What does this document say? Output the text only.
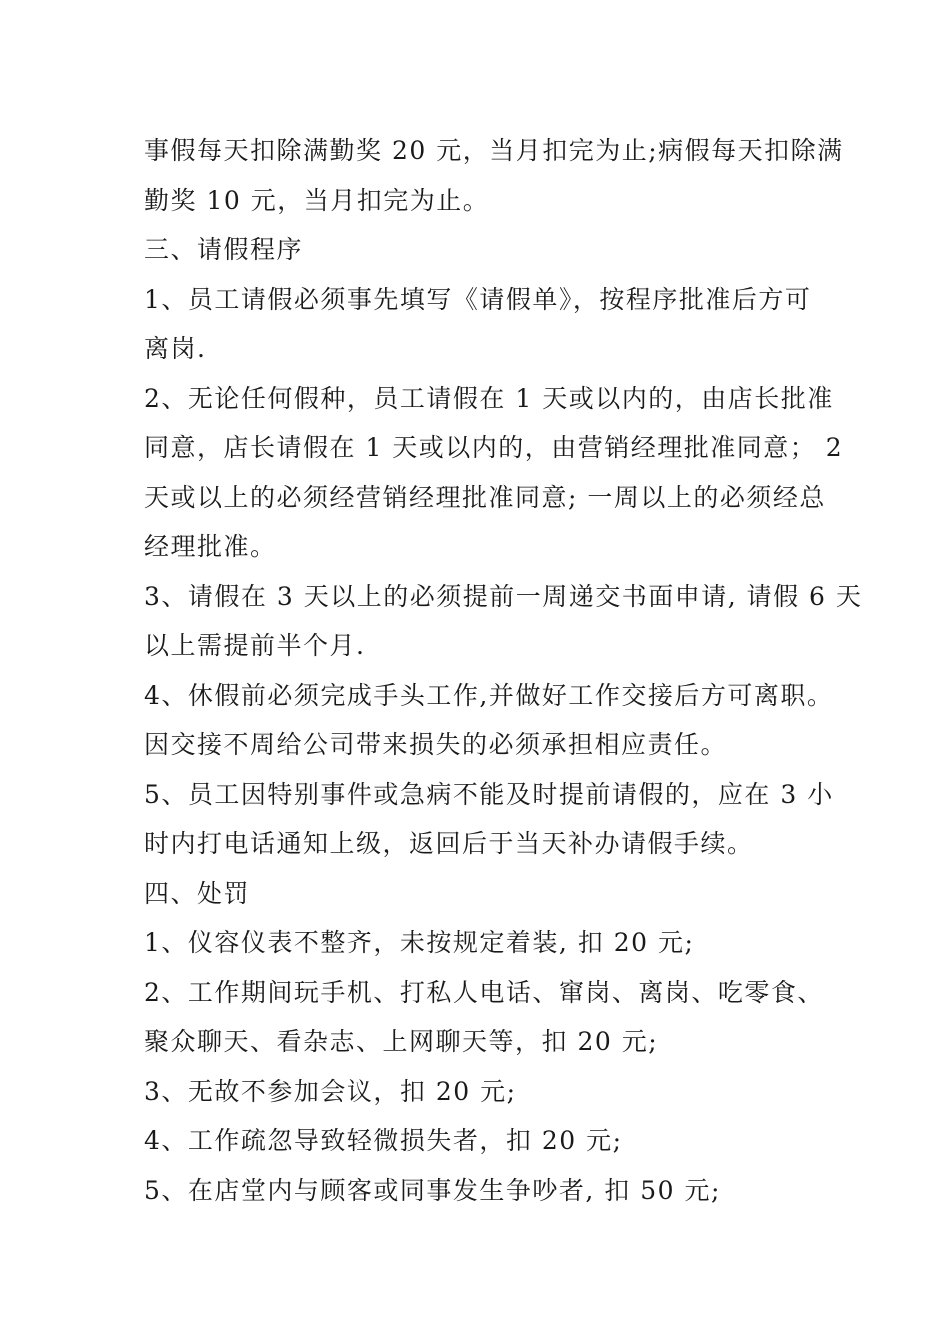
事假每天扣除满勤奖 20 元，当月扣完为止;病假每天扣除满
勤奖 10 元，当月扣完为止。
三、请假程序
1、员工请假必须事先填写《请假单》，按程序批准后方可
离岗.
2、无论任何假种，员工请假在 1 天或以内的，由店长批准
同意，店长请假在 1 天或以内的，由营销经理批准同意； 2
天或以上的必须经营销经理批准同意; 一周以上的必须经总
经理批准。
3、请假在 3 天以上的必须提前一周递交书面申请, 请假 6 天
以上需提前半个月.
4、休假前必须完成手头工作,并做好工作交接后方可离职。
因交接不周给公司带来损失的必须承担相应责任。
5、员工因特别事件或急病不能及时提前请假的，应在 3 小
时内打电话通知上级，返回后于当天补办请假手续。
四、处罚
1、仪容仪表不整齐，未按规定着装, 扣 20 元;
2、工作期间玩手机、打私人电话、窜岗、离岗、吃零食、
聚众聊天、看杂志、上网聊天等，扣 20 元;
3、无故不参加会议，扣 20 元;
4、工作疏忽导致轻微损失者，扣 20 元;
5、在店堂内与顾客或同事发生争吵者, 扣 50 元;
